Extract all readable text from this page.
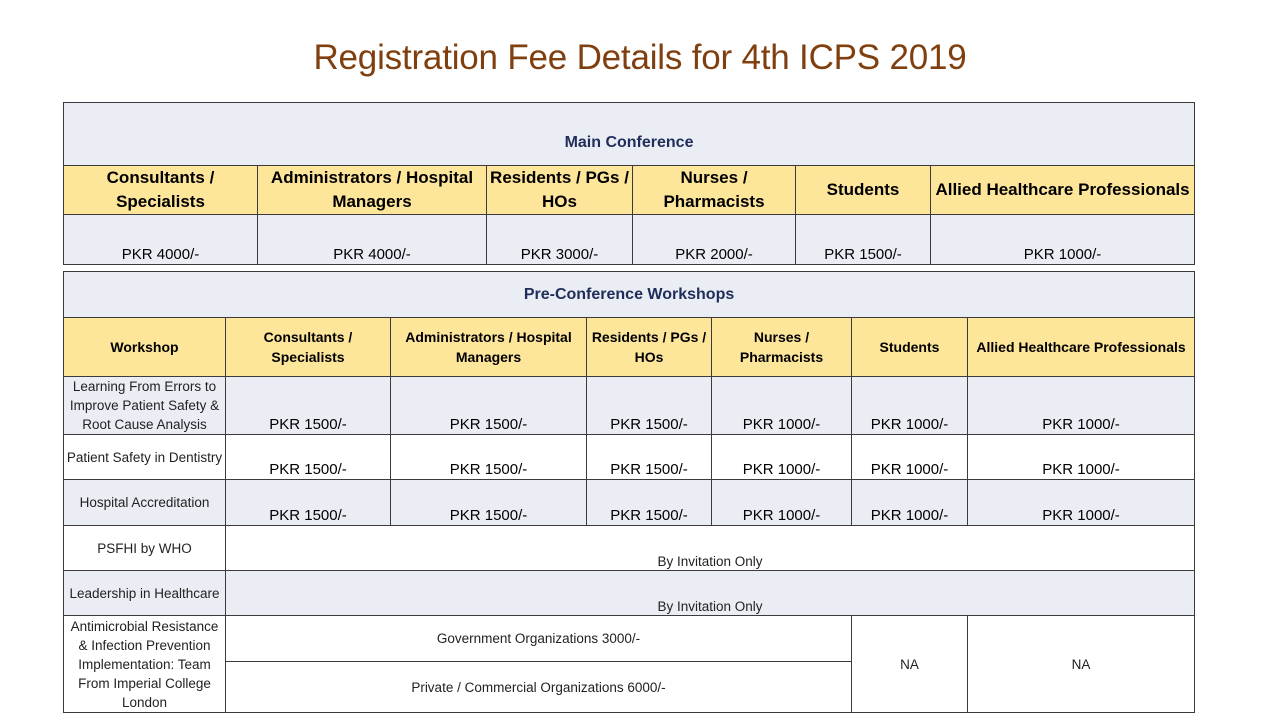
Registration Fee Details for 4th ICPS 2019
Main Conference					
Consultants / Specialists	Administrators / Hospital Managers	Residents / PGs / HOs	Nurses / Pharmacists	Students	Allied Healthcare Professionals
PKR 4000/-	PKR 4000/-	PKR 3000/-	PKR 2000/-	PKR 1500/-	PKR 1000/-
Pre-Conference Workshops						
Workshop	Consultants / Specialists	Administrators / Hospital Managers	Residents / PGs / HOs	Nurses / Pharmacists	Students	Allied Healthcare Professionals
Learning From Errors to Improve Patient Safety & Root Cause Analysis	PKR 1500/-	PKR 1500/-	PKR 1500/-	PKR 1000/-	PKR 1000/-	PKR 1000/-
Patient Safety in Dentistry	PKR 1500/-	PKR 1500/-	PKR 1500/-	PKR 1000/-	PKR 1000/-	PKR 1000/-
Hospital Accreditation	PKR 1500/-	PKR 1500/-	PKR 1500/-	PKR 1000/-	PKR 1000/-	PKR 1000/-
PSFHI by WHO	By Invitation Only					
Leadership in Healthcare	By Invitation Only					
Antimicrobial Resistance & Infection Prevention Implementation: Team From Imperial College London	Government Organizations 3000/-				NA	NA
	Private / Commercial Organizations 6000/-					
